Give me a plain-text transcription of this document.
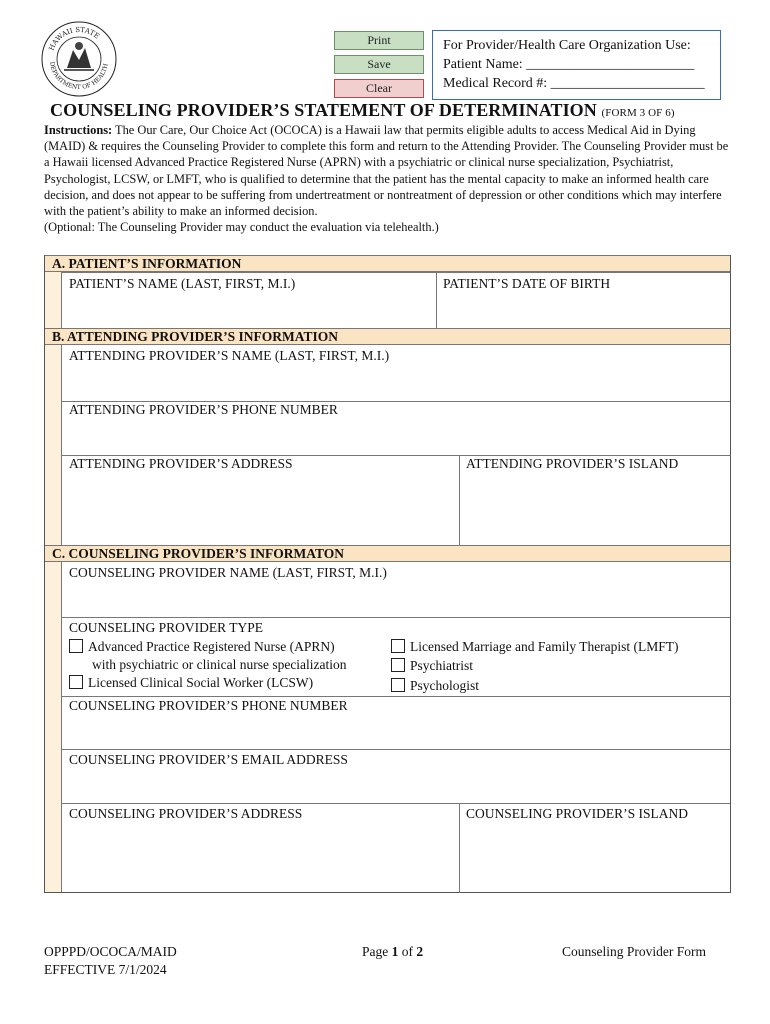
HAWAII STATE
DEPARTMENT OF HEALTH
Print
Save
Clear
For Provider/Health Care Organization Use:
Patient Name: ________________________
Medical Record #: ______________________
COUNSELING PROVIDER’S STATEMENT OF DETERMINATION (FORM 3 OF 6)
Instructions: The Our Care, Our Choice Act (OCOCA) is a Hawaii law that permits eligible adults to access Medical Aid in Dying (MAID) & requires the Counseling Provider to complete this form and return to the Attending Provider. The Counseling Provider must be a Hawaii licensed Advanced Practice Registered Nurse (APRN) with a psychiatric or clinical nurse specialization, Psychiatrist, Psychologist, LCSW, or LMFT, who is qualified to determine that the patient has the mental capacity to make an informed health care decision, and does not appear to be suffering from undertreatment or nontreatment of depression or other conditions which may interfere with the patient’s ability to make an informed decision.
(Optional: The Counseling Provider may conduct the evaluation via telehealth.)
A. PATIENT’S INFORMATION
PATIENT’S NAME (LAST, FIRST, M.I.)	PATIENT’S DATE OF BIRTH
B. ATTENDING PROVIDER’S INFORMATION
ATTENDING PROVIDER’S NAME (LAST, FIRST, M.I.)
ATTENDING PROVIDER’S PHONE NUMBER
ATTENDING PROVIDER’S ADDRESS	ATTENDING PROVIDER’S ISLAND
C. COUNSELING PROVIDER’S INFORMATON
COUNSELING PROVIDER NAME (LAST, FIRST, M.I.)
COUNSELING PROVIDER TYPE
Advanced Practice Registered Nurse (APRN)
with psychiatric or clinical nurse specialization
Licensed Clinical Social Worker (LCSW)
Licensed Marriage and Family Therapist (LMFT)
Psychiatrist
Psychologist
COUNSELING PROVIDER’S PHONE NUMBER
COUNSELING PROVIDER’S EMAIL ADDRESS
COUNSELING PROVIDER’S ADDRESS	COUNSELING PROVIDER’S ISLAND
OPPPD/OCOCA/MAID
EFFECTIVE 7/1/2024
Page 1 of 2	Counseling Provider Form
